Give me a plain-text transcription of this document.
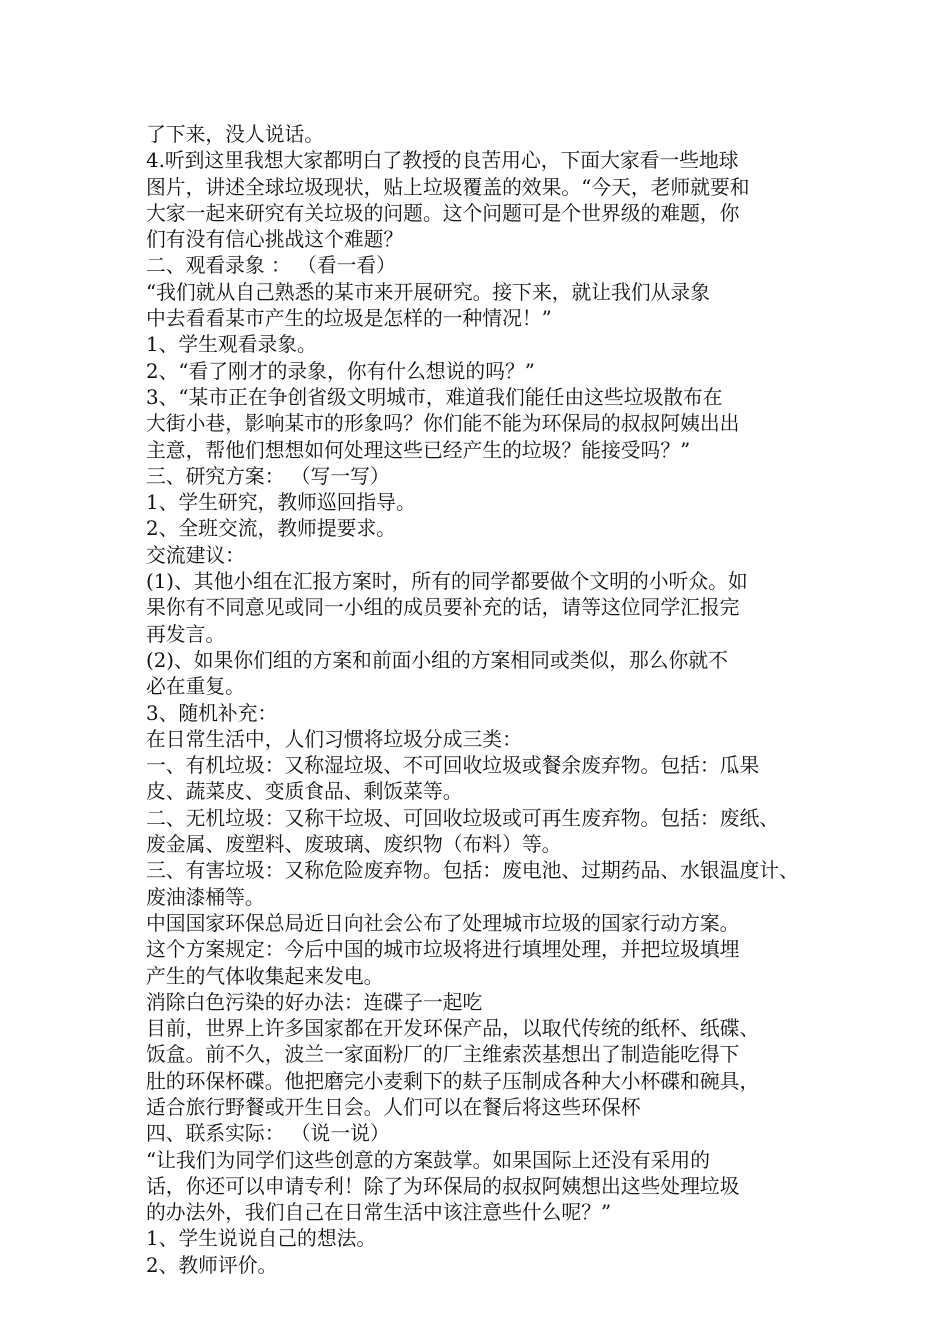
了下来，没人说话。
4.听到这里我想大家都明白了教授的良苦用心，下面大家看一些地球
图片，讲述全球垃圾现状，贴上垃圾覆盖的效果。“今天，老师就要和
大家一起来研究有关垃圾的问题。这个问题可是个世界级的难题，你
们有没有信心挑战这个难题？
二、观看录象 ： （看一看）
“我们就从自己熟悉的某市来开展研究。接下来，就让我们从录象
中去看看某市产生的垃圾是怎样的一种情况！”
1、学生观看录象。
2、“看了刚才的录象，你有什么想说的吗？”
3、“某市正在争创省级文明城市，难道我们能任由这些垃圾散布在
大街小巷，影响某市的形象吗？你们能不能为环保局的叔叔阿姨出出
主意，帮他们想想如何处理这些已经产生的垃圾？能接受吗？”
三、研究方案： （写一写）
1、学生研究，教师巡回指导。
2、全班交流，教师提要求。
交流建议：
(1)、其他小组在汇报方案时，所有的同学都要做个文明的小听众。如
果你有不同意见或同一小组的成员要补充的话，请等这位同学汇报完
再发言。
(2)、如果你们组的方案和前面小组的方案相同或类似，那么你就不
必在重复。
3、随机补充：
在日常生活中，人们习惯将垃圾分成三类：
一、有机垃圾：又称湿垃圾、不可回收垃圾或餐余废弃物。包括：瓜果
皮、蔬菜皮、变质食品、剩饭菜等。
二、无机垃圾：又称干垃圾、可回收垃圾或可再生废弃物。包括：废纸、
废金属、废塑料、废玻璃、废织物（布料）等。
三、有害垃圾：又称危险废弃物。包括：废电池、过期药品、水银温度计、
废油漆桶等。
中国国家环保总局近日向社会公布了处理城市垃圾的国家行动方案。
这个方案规定：今后中国的城市垃圾将进行填埋处理，并把垃圾填埋
产生的气体收集起来发电。
消除白色污染的好办法：连碟子一起吃
目前，世界上许多国家都在开发环保产品，以取代传统的纸杯、纸碟、
饭盒。前不久，波兰一家面粉厂的厂主维索茨基想出了制造能吃得下
肚的环保杯碟。他把磨完小麦剩下的麸子压制成各种大小杯碟和碗具，
适合旅行野餐或开生日会。人们可以在餐后将这些环保杯
四、联系实际： （说一说）
“让我们为同学们这些创意的方案鼓掌。如果国际上还没有采用的
话，你还可以申请专利！除了为环保局的叔叔阿姨想出这些处理垃圾
的办法外，我们自己在日常生活中该注意些什么呢？”
1、学生说说自己的想法。
2、教师评价。
